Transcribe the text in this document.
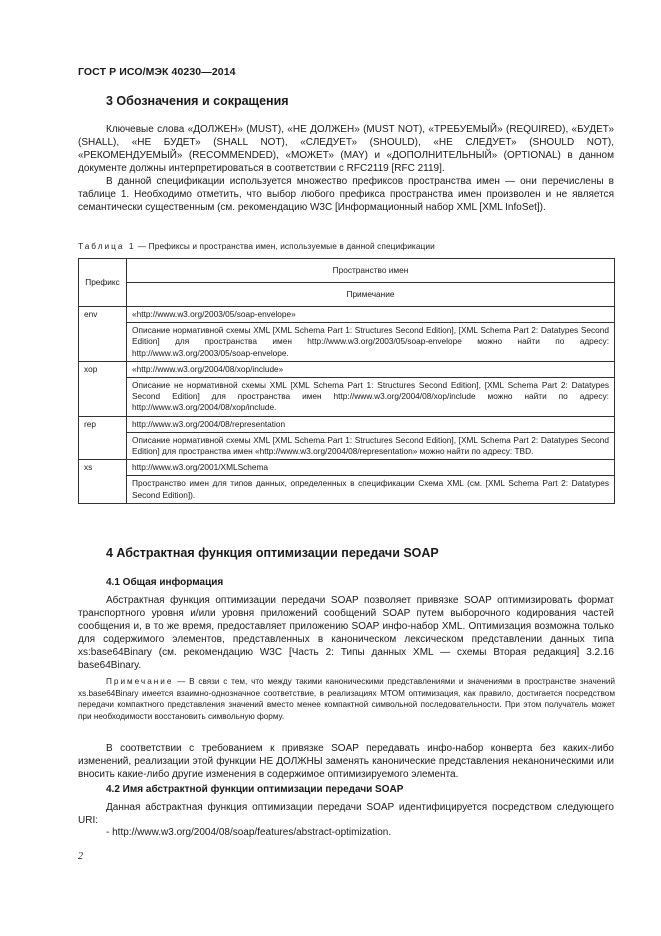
ГОСТ Р ИСО/МЭК 40230—2014
3 Обозначения и сокращения
Ключевые слова «ДОЛЖЕН» (MUST), «НЕ ДОЛЖЕН» (MUST NOT), «ТРЕБУЕМЫЙ» (REQUIRED), «БУДЕТ» (SHALL), «НЕ БУДЕТ» (SHALL NOT), «СЛЕДУЕТ» (SHOULD), «НЕ СЛЕДУЕТ» (SHOULD NOT), «РЕКОМЕНДУЕМЫЙ» (RECOMMENDED), «МОЖЕТ» (MAY) и «ДОПОЛНИТЕЛЬНЫЙ» (OPTIONAL) в данном документе должны интерпретироваться в соответствии с RFC2119 [RFC 2119].
В данной спецификации используется множество префиксов пространства имен — они перечислены в таблице 1. Необходимо отметить, что выбор любого префикса пространства имен произволен и не является семантически существенным (см. рекомендацию W3C [Информационный набор XML [XML InfoSet]).
Таблица 1 — Префиксы и пространства имен, используемые в данной спецификации
Префикс	Пространство имен
	Примечание
env	«http://www.w3.org/2003/05/soap-envelope»
	Описание нормативной схемы XML [XML Schema Part 1: Structures Second Edition], [XML Schema Part 2: Datatypes Second Edition] для пространства имен http://www.w3.org/2003/05/soap-envelope можно найти по адресу: http://www.w3.org/2003/05/soap-envelope.
xop	«http://www.w3.org/2004/08/xop/include»
	Описание не нормативной схемы XML [XML Schema Part 1: Structures Second Edition], [XML Schema Part 2: Datatypes Second Edition] для пространства имен http://www.w3.org/2004/08/xop/include можно найти по адресу: http://www.w3.org/2004/08/xop/include.
rep	http://www.w3.org/2004/08/representation
	Описание нормативной схемы XML [XML Schema Part 1: Structures Second Edition], [XML Schema Part 2: Datatypes Second Edition] для пространства имен «http://www.w3.org/2004/08/representation» можно найти по адресу: TBD.
xs	http://www.w3.org/2001/XMLSchema
	Пространство имен для типов данных, определенных в спецификации Схема XML (см. [XML Schema Part 2: Datatypes Second Edition]).
4 Абстрактная функция оптимизации передачи SOAP
4.1 Общая информация
Абстрактная функция оптимизации передачи SOAP позволяет привязке SOAP оптимизировать формат транспортного уровня и/или уровня приложений сообщений SOAP путем выборочного кодирования частей сообщения и, в то же время, предоставляет приложению SOAP инфо-набор XML. Оптимизация возможна только для содержимого элементов, представленных в каноническом лексическом представлении данных типа xs:base64Binary (см. рекомендацию W3C [Часть 2: Типы данных XML — схемы Вторая редакция] 3.2.16 base64Binary.
Примечание — В связи с тем, что между такими каноническими представлениями и значениями в пространстве значений xs.base64Binary имеется взаимно-однозначное соответствие, в реализациях MTOM оптимизация, как правило, достигается посредством передачи компактного представления значений вместо менее компактной символьной последовательности. При этом получатель может при необходимости восстановить символьную форму.
В соответствии с требованием к привязке SOAP передавать инфо-набор конверта без каких-либо изменений, реализации этой функции НЕ ДОЛЖНЫ заменять канонические представления неканоническими или вносить какие-либо другие изменения в содержимое оптимизируемого элемента.
4.2 Имя абстрактной функции оптимизации передачи SOAP
Данная абстрактная функция оптимизации передачи SOAP идентифицируется посредством следующего URI:
- http://www.w3.org/2004/08/soap/features/abstract-optimization.
2
